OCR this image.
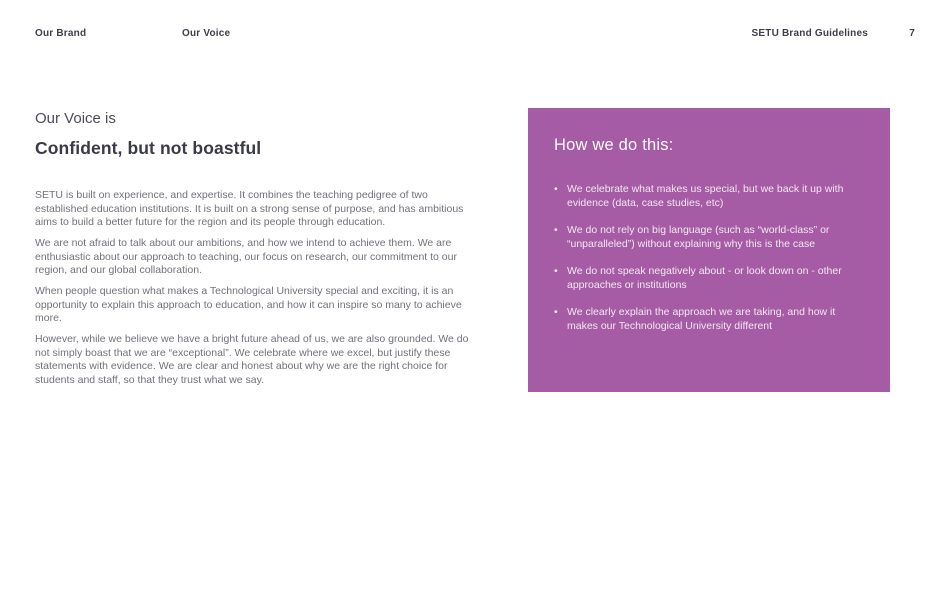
Our Brand	Our Voice	SETU Brand Guidelines	7
Our Voice is
Confident, but not boastful

SETU is built on experience, and expertise. It combines the teaching pedigree of two established education institutions. It is built on a strong sense of purpose, and has ambitious aims to build a better future for the region and its people through education.

We are not afraid to talk about our ambitions, and how we intend to achieve them. We are enthusiastic about our approach to teaching, our focus on research, our commitment to our region, and our global collaboration.

When people question what makes a Technological University special and exciting, it is an opportunity to explain this approach to education, and how it can inspire so many to achieve more.

However, while we believe we have a bright future ahead of us, we are also grounded. We do not simply boast that we are “exceptional”. We celebrate where we excel, but justify these statements with evidence. We are clear and honest about why we are the right choice for students and staff, so that they trust what we say.

How we do this:
• We celebrate what makes us special, but we back it up with evidence (data, case studies, etc)
• We do not rely on big language (such as “world-class” or “unparalleled”) without explaining why this is the case
• We do not speak negatively about - or look down on - other approaches or institutions
• We clearly explain the approach we are taking, and how it makes our Technological University different
